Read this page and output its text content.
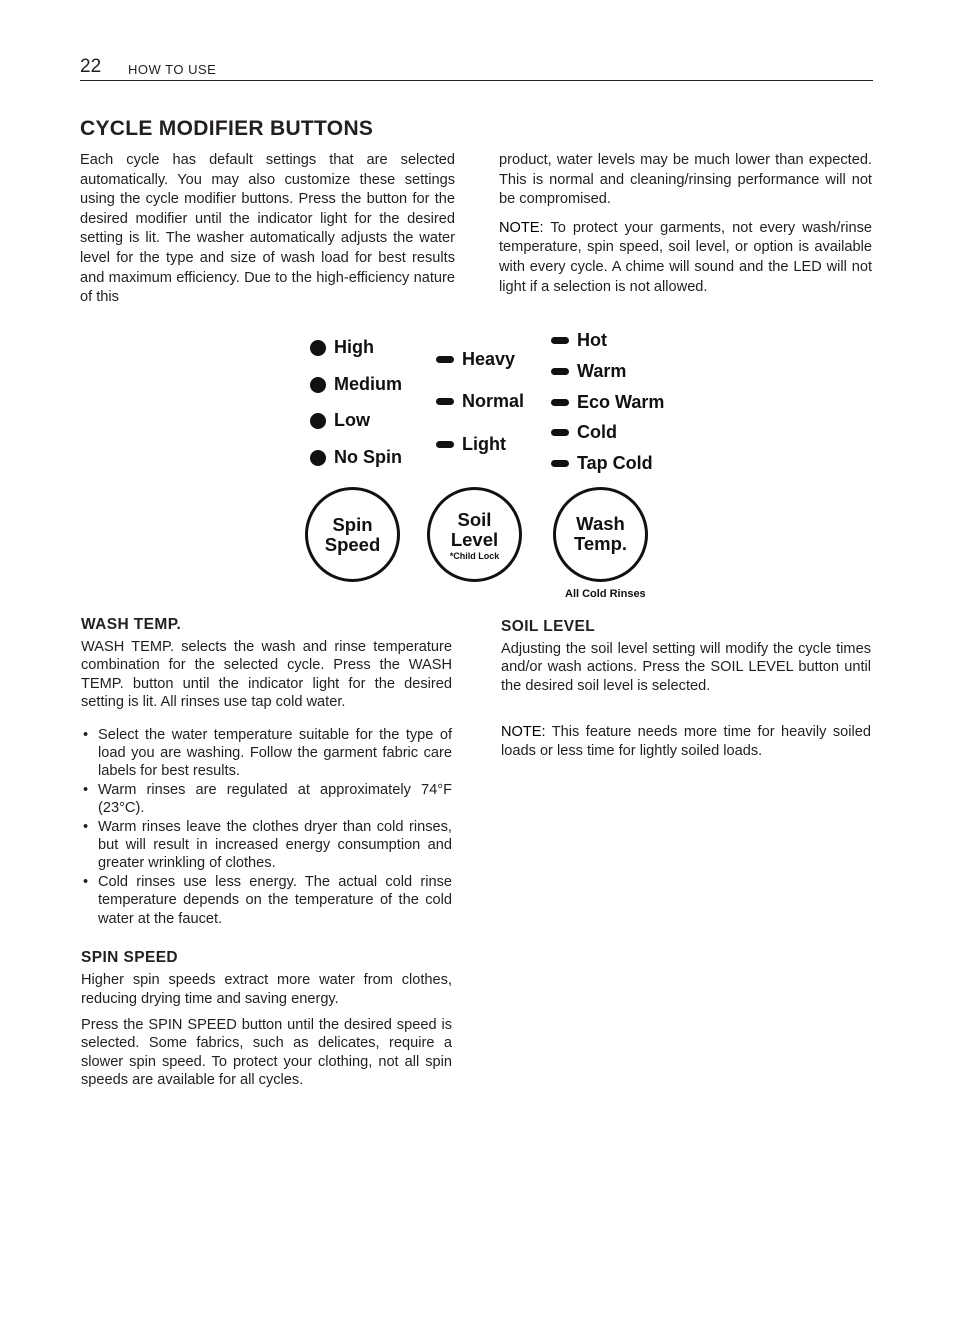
22 HOW TO USE
CYCLE MODIFIER BUTTONS

Each cycle has default settings that are selected automatically. You may also customize these settings using the cycle modifier buttons. Press the button for the desired modifier until the indicator light for the desired setting is lit. The washer automatically adjusts the water level for the type and size of wash load for best results and maximum efficiency. Due to the high-efficiency nature of this

product, water levels may be much lower than expected. This is normal and cleaning/rinsing performance will not be compromised.

NOTE: To protect your garments, not every wash/rinse temperature, spin speed, soil level, or option is available with every cycle. A chime will sound and the LED will not light if a selection is not allowed.

High
Medium
Low
No Spin
Heavy
Normal
Light
Hot
Warm
Eco Warm
Cold
Tap Cold
Spin
Speed
Soil
Level
*Child Lock
Wash
Temp.
All Cold Rinses
WASH TEMP.

WASH TEMP. selects the wash and rinse temperature combination for the selected cycle. Press the WASH TEMP. button until the indicator light for the desired setting is lit. All rinses use tap cold water.

• Select the water temperature suitable for the type of load you are washing. Follow the garment fabric care labels for best results.
• Warm rinses are regulated at approximately 74°F (23°C).
• Warm rinses leave the clothes dryer than cold rinses, but will result in increased energy consumption and greater wrinkling of clothes.
• Cold rinses use less energy. The actual cold rinse temperature depends on the temperature of the cold water at the faucet.
SPIN SPEED

Higher spin speeds extract more water from clothes, reducing drying time and saving energy.

Press the SPIN SPEED button until the desired speed is selected. Some fabrics, such as delicates, require a slower spin speed. To protect your clothing, not all spin speeds are available for all cycles.

SOIL LEVEL

Adjusting the soil level setting will modify the cycle times and/or wash actions. Press the SOIL LEVEL button until the desired soil level is selected.

NOTE: This feature needs more time for heavily soiled loads or less time for lightly soiled loads.
